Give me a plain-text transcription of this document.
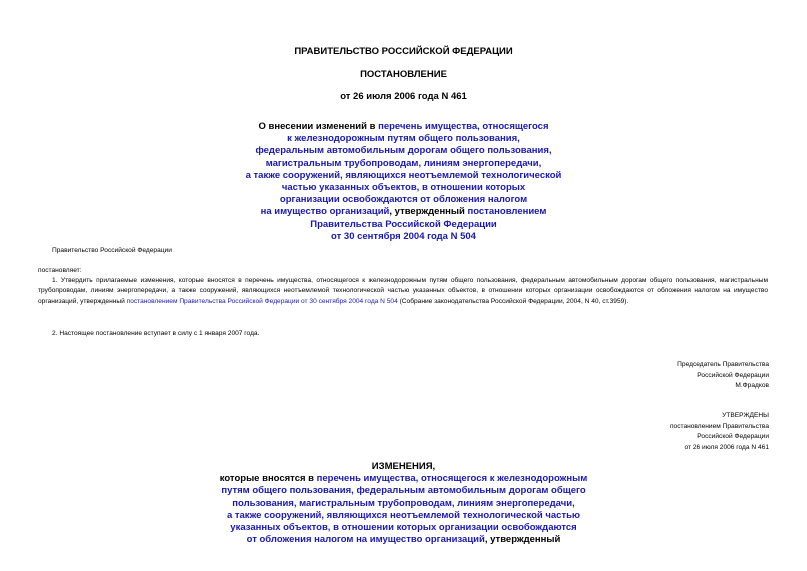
ПРАВИТЕЛЬСТВО РОССИЙСКОЙ ФЕДЕРАЦИИ
ПОСТАНОВЛЕНИЕ
от 26 июля 2006 года N 461
О внесении изменений в перечень имущества, относящегося
к железнодорожным путям общего пользования,
федеральным автомобильным дорогам общего пользования,
магистральным трубопроводам, линиям энергопередачи,
а также сооружений, являющихся неотъемлемой технологической
частью указанных объектов, в отношении которых
организации освобождаются от обложения налогом
на имущество организаций, утвержденный постановлением
Правительства Российской Федерации
от 30 сентября 2004 года N 504
Правительство Российской Федерации
постановляет:
1. Утвердить прилагаемые изменения, которые вносятся в перечень имущества, относящегося к железнодорожным путям общего пользования, федеральным автомобильным дорогам общего пользования, магистральным трубопроводам, линиям энергопередачи, а также сооружений, являющихся неотъемлемой технологической частью указанных объектов, в отношении которых организации освобождаются от обложения налогом на имущество организаций, утвержденный постановлением Правительства Российской Федерации от 30 сентября 2004 года N 504 (Собрание законодательства Российской Федерации, 2004, N 40, ст.3959).
2. Настоящее постановление вступает в силу с 1 января 2007 года.
Председатель Правительства
Российской Федерации
М.Фрадков
УТВЕРЖДЕНЫ
постановлением Правительства
Российской Федерации
от 26 июля 2006 года N 461
ИЗМЕНЕНИЯ,
которые вносятся в перечень имущества, относящегося к железнодорожным
путям общего пользования, федеральным автомобильным дорогам общего
пользования, магистральным трубопроводам, линиям энергопередачи,
а также сооружений, являющихся неотъемлемой технологической частью
указанных объектов, в отношении которых организации освобождаются
от обложения налогом на имущество организаций, утвержденный
